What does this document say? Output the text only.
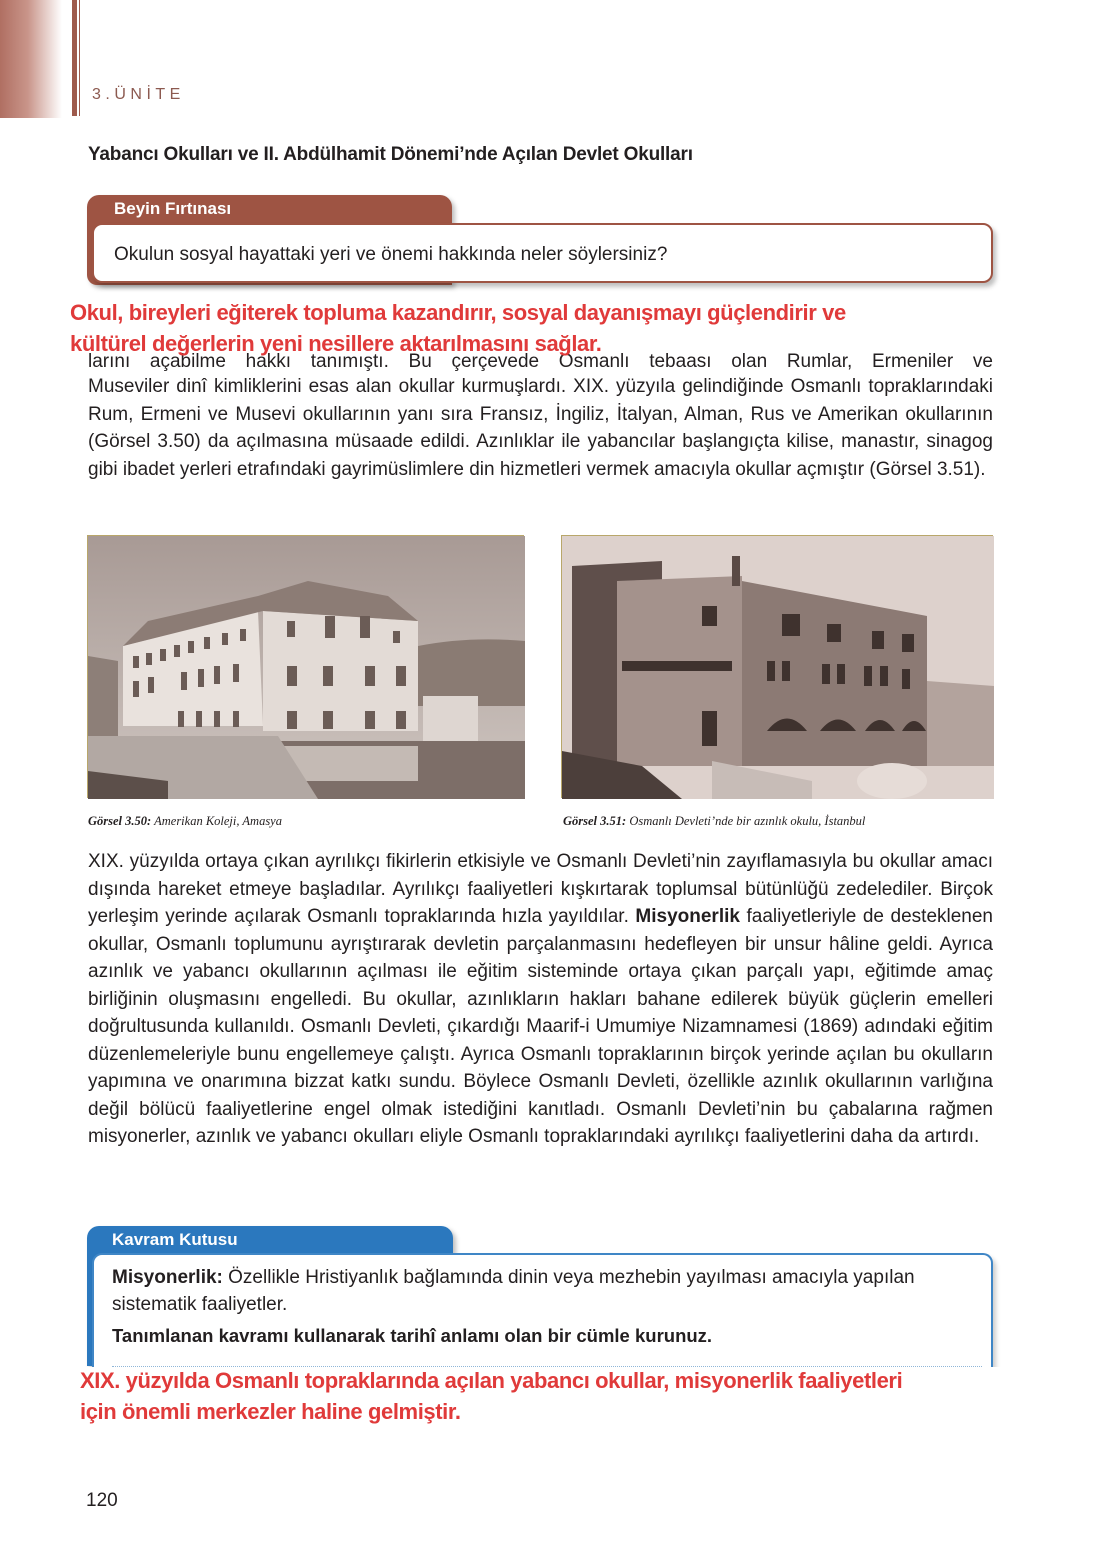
3.ÜNİTE
Yabancı Okulları ve II. Abdülhamit Dönemi’nde Açılan Devlet Okulları
Beyin Fırtınası
Okulun sosyal hayattaki yeri ve önemi hakkında neler söylersiniz?
larını açabilme hakkı tanımıştı. Bu çerçevede Osmanlı tebaası olan Rumlar, Ermeniler ve
Museviler dinî kimliklerini esas alan okullar kurmuşlardı. XIX. yüzyıla gelindiğinde Osmanlı topraklarındaki Rum, Ermeni ve Musevi okullarının yanı sıra Fransız, İngiliz, İtalyan, Alman, Rus ve Amerikan okullarının (Görsel 3.50) da açılmasına müsaade edildi. Azınlıklar ile yabancılar başlangıçta kilise, manastır, sinagog gibi ibadet yerleri etrafındaki gayrimüslimlere din hizmetleri vermek amacıyla okullar açmıştır (Görsel 3.51).
Okul, bireyleri eğiterek topluma kazandırır, sosyal dayanışmayı güçlendirir ve
kültürel değerlerin yeni nesillere aktarılmasını sağlar.
Görsel 3.50: Amerikan Koleji, Amasya	Görsel 3.51: Osmanlı Devleti’nde bir azınlık okulu, İstanbul
XIX. yüzyılda ortaya çıkan ayrılıkçı fikirlerin etkisiyle ve Osmanlı Devleti’nin zayıflamasıyla bu okullar amacı dışında hareket etmeye başladılar. Ayrılıkçı faaliyetleri kışkırtarak toplumsal bütünlüğü zedelediler. Birçok yerleşim yerinde açılarak Osmanlı topraklarında hızla yayıldılar. Misyonerlik faaliyetleriyle de desteklenen okullar, Osmanlı toplumunu ayrıştırarak devletin parçalanmasını hedefleyen bir unsur hâline geldi. Ayrıca azınlık ve yabancı okullarının açılması ile eğitim sisteminde ortaya çıkan parçalı yapı, eğitimde amaç birliğinin oluşmasını engelledi. Bu okullar, azınlıkların hakları bahane edilerek büyük güçlerin emelleri doğrultusunda kullanıldı. Osmanlı Devleti, çıkardığı Maarif-i Umumiye Nizamnamesi (1869) adındaki eğitim düzenlemeleriyle bunu engellemeye çalıştı. Ayrıca Osmanlı topraklarının birçok yerinde açılan bu okulların yapımına ve onarımına bizzat katkı sundu. Böylece Osmanlı Devleti, özellikle azınlık okullarının varlığına değil bölücü faaliyetlerine engel olmak istediğini kanıtladı. Osmanlı Devleti’nin bu çabalarına rağmen misyonerler, azınlık ve yabancı okulları eliyle Osmanlı topraklarındaki ayrılıkçı faaliyetlerini daha da artırdı.
Kavram Kutusu
Misyonerlik: Özellikle Hristiyanlık bağlamında dinin veya mezhebin yayılması amacıyla yapılan sistematik faaliyetler.
Tanımlanan kavramı kullanarak tarihî anlamı olan bir cümle kurunuz.
XIX. yüzyılda Osmanlı topraklarında açılan yabancı okullar, misyonerlik faaliyetleri
için önemli merkezler haline gelmiştir.
120
